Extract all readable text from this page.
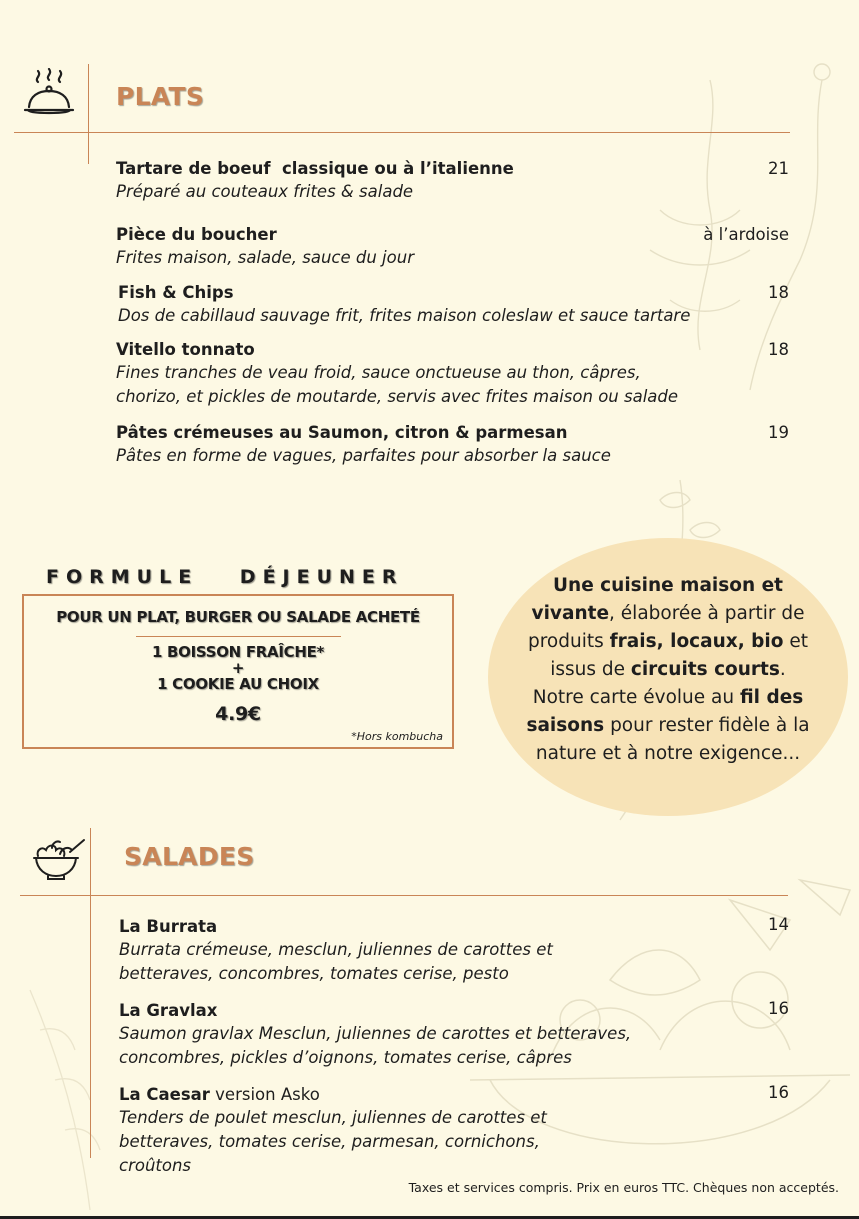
PLATS
Tartare de boeuf  classique ou à l’italienne
Préparé au couteaux frites & salade
21
Pièce du boucher
Frites maison, salade, sauce du jour
à l’ardoise
Fish & Chips
Dos de cabillaud sauvage frit, frites maison coleslaw et sauce tartare
18
Vitello tonnato
Fines tranches de veau froid, sauce onctueuse au thon, câpres,
chorizo, et pickles de moutarde, servis avec frites maison ou salade
18
Pâtes crémeuses au Saumon, citron & parmesan
Pâtes en forme de vagues, parfaites pour absorber la sauce
19
FORMULE DÉJEUNER
POUR UN PLAT, BURGER OU SALADE ACHETÉ
1 BOISSON FRAÎCHE*
+
1 COOKIE AU CHOIX
4.9€
*Hors kombucha
Une cuisine maison et
vivante, élaborée à partir de
produits frais, locaux, bio et
issus de circuits courts.
Notre carte évolue au fil des
saisons pour rester fidèle à la
nature et à notre exigence...
SALADES
La Burrata
Burrata crémeuse, mesclun, juliennes de carottes et
betteraves, concombres, tomates cerise, pesto
14
La Gravlax
Saumon gravlax Mesclun, juliennes de carottes et betteraves,
concombres, pickles d’oignons, tomates cerise, câpres
16
La Caesar version Asko
Tenders de poulet mesclun, juliennes de carottes et
betteraves, tomates cerise, parmesan, cornichons,
croûtons
16
Taxes et services compris. Prix en euros TTC. Chèques non acceptés.
